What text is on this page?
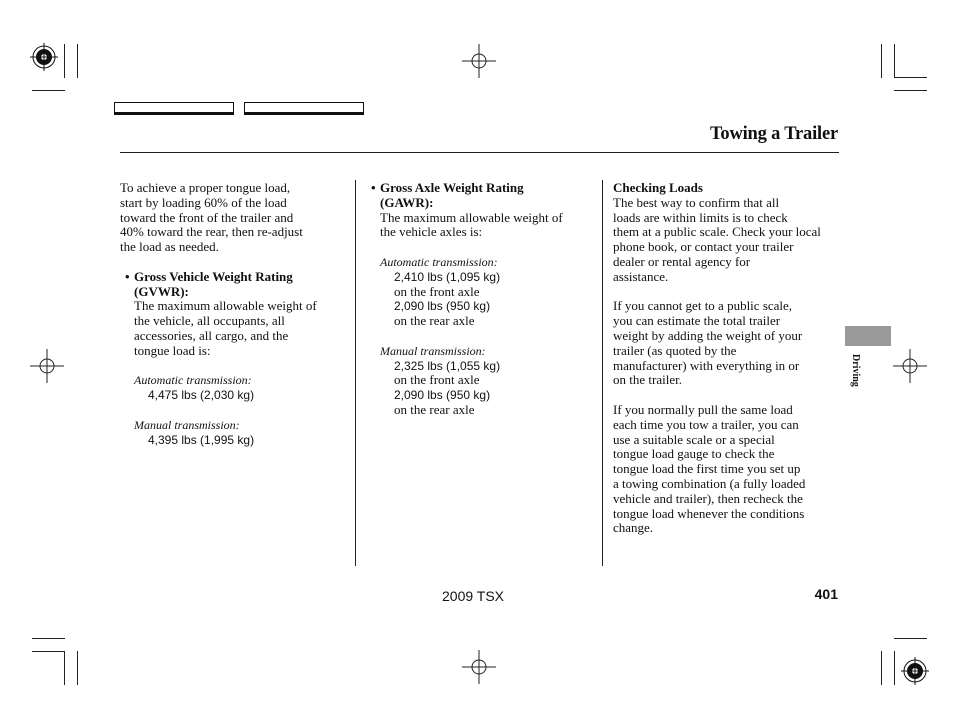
Towing a Trailer

To achieve a proper tongue load,

start by loading 60% of the load

toward the front of the trailer and

40% toward the rear, then re-adjust

the load as needed.

• Gross Vehicle Weight Rating

(GVWR):

The maximum allowable weight of

the vehicle, all occupants, all

accessories, all cargo, and the

tongue load is:

Automatic transmission:

4,475 lbs (2,030 kg)

Manual transmission:

4,395 lbs (1,995 kg)

• Gross Axle Weight Rating

(GAWR):

The maximum allowable weight of

the vehicle axles is:

Automatic transmission:

2,410 lbs (1,095 kg)

on the front axle

2,090 lbs (950 kg)

on the rear axle

Manual transmission:

2,325 lbs (1,055 kg)

on the front axle

2,090 lbs (950 kg)

on the rear axle

Checking Loads

The best way to confirm that all

loads are within limits is to check

them at a public scale. Check your local

phone book, or contact your trailer

dealer or rental agency for

assistance.

If you cannot get to a public scale,

you can estimate the total trailer

weight by adding the weight of your

trailer (as quoted by the

manufacturer) with everything in or

on the trailer.

If you normally pull the same load

each time you tow a trailer, you can

use a suitable scale or a special

tongue load gauge to check the

tongue load the first time you set up

a towing combination (a fully loaded

vehicle and trailer), then recheck the

tongue load whenever the conditions

change.

Driving
2009 TSX	401
